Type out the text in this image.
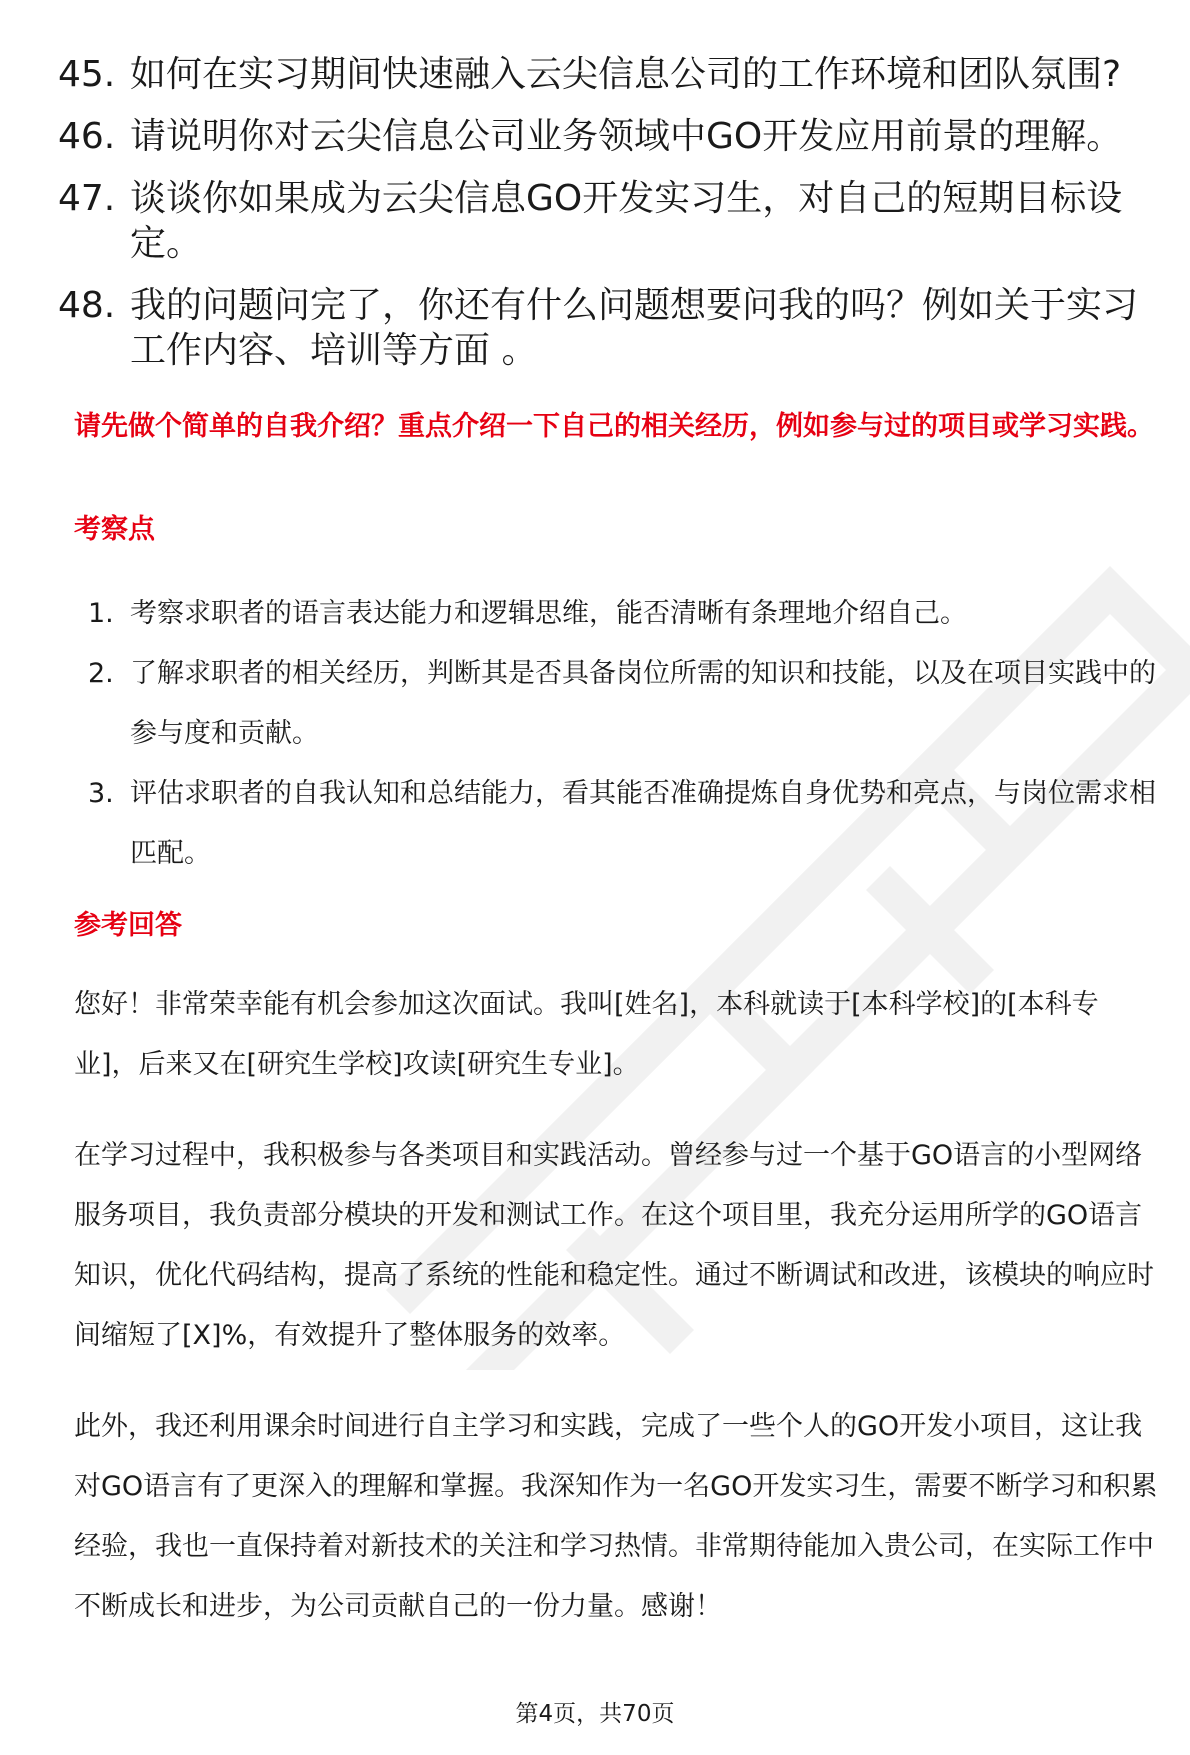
45. 如何在实习期间快速融入云尖信息公司的工作环境和团队氛围?
46. 请说明你对云尖信息公司业务领域中GO开发应用前景的理解。
47. 谈谈你如果成为云尖信息GO开发实习生，对自己的短期目标设定。
48. 我的问题问完了，你还有什么问题想要问我的吗？例如关于实习工作内容、培训等方面 。
请先做个简单的自我介绍？重点介绍一下自己的相关经历，例如参与过的项目或学习实践。
考察点
1. 考察求职者的语言表达能力和逻辑思维，能否清晰有条理地介绍自己。
2. 了解求职者的相关经历，判断其是否具备岗位所需的知识和技能，以及在项目实践中的参与度和贡献。
3. 评估求职者的自我认知和总结能力，看其能否准确提炼自身优势和亮点，与岗位需求相匹配。
参考回答
您好！非常荣幸能有机会参加这次面试。我叫[姓名]，本科就读于[本科学校]的[本科专业]，后来又在[研究生学校]攻读[研究生专业]。
在学习过程中，我积极参与各类项目和实践活动。曾经参与过一个基于GO语言的小型网络服务项目，我负责部分模块的开发和测试工作。在这个项目里，我充分运用所学的GO语言知识，优化代码结构，提高了系统的性能和稳定性。通过不断调试和改进，该模块的响应时间缩短了[X]%，有效提升了整体服务的效率。
此外，我还利用课余时间进行自主学习和实践，完成了一些个人的GO开发小项目，这让我对GO语言有了更深入的理解和掌握。我深知作为一名GO开发实习生，需要不断学习和积累经验，我也一直保持着对新技术的关注和学习热情。非常期待能加入贵公司，在实际工作中不断成长和进步，为公司贡献自己的一份力量。感谢！
第4页，共70页
